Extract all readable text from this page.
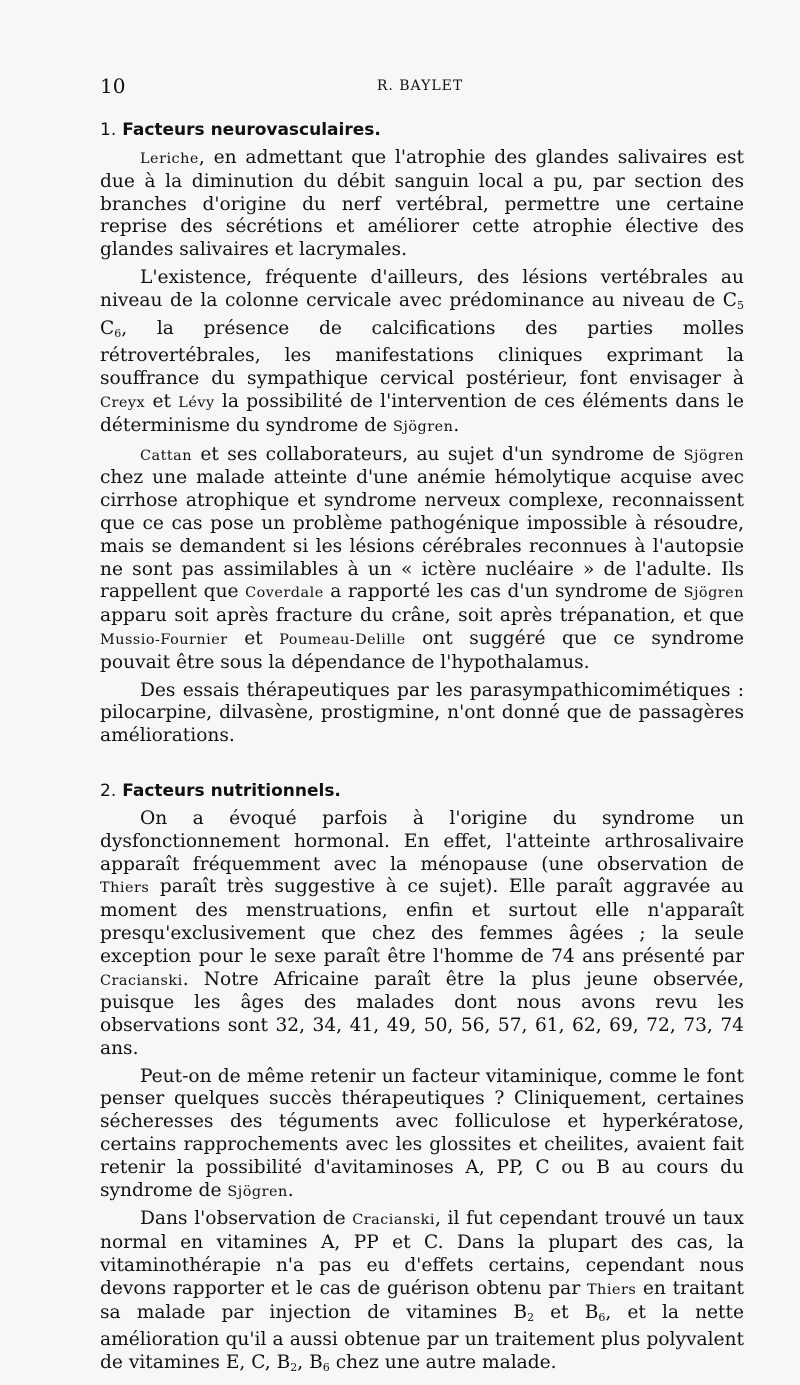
10	R. BAYLET
1. Facteurs neurovasculaires.

Leriche, en admettant que l'atrophie des glandes salivaires est due à la diminution du débit sanguin local a pu, par section des branches d'origine du nerf vertébral, permettre une certaine reprise des sécrétions et améliorer cette atrophie élective des glandes salivaires et lacrymales.

L'existence, fréquente d'ailleurs, des lésions vertébrales au niveau de la colonne cervicale avec prédominance au niveau de $C_5$ $C_6$, la présence de calcifications des parties molles rétrovertébrales, les manifestations cliniques exprimant la souffrance du sympathique cervical postérieur, font envisager à Creyx et Lévy la possibilité de l'intervention de ces éléments dans le déterminisme du syndrome de Sjögren.

Cattan et ses collaborateurs, au sujet d'un syndrome de Sjögren chez une malade atteinte d'une anémie hémolytique acquise avec cirrhose atrophique et syndrome nerveux complexe, reconnaissent que ce cas pose un problème pathogénique impossible à résoudre, mais se demandent si les lésions cérébrales reconnues à l'autopsie ne sont pas assimilables à un « ictère nucléaire » de l'adulte. Ils rappellent que Coverdale a rapporté les cas d'un syndrome de Sjögren apparu soit après fracture du crâne, soit après trépanation, et que Mussio-Fournier et Poumeau-Delille ont suggéré que ce syndrome pouvait être sous la dépendance de l'hypothalamus.

Des essais thérapeutiques par les parasympathicomimétiques : pilocarpine, dilvasène, prostigmine, n'ont donné que de passagères améliorations.

2. Facteurs nutritionnels.

On a évoqué parfois à l'origine du syndrome un dysfonctionnement hormonal. En effet, l'atteinte arthrosalivaire apparaît fréquemment avec la ménopause (une observation de Thiers paraît très suggestive à ce sujet). Elle paraît aggravée au moment des menstruations, enfin et surtout elle n'apparaît presqu'exclusivement que chez des femmes âgées ; la seule exception pour le sexe paraît être l'homme de 74 ans présenté par Cracianski. Notre Africaine paraît être la plus jeune observée, puisque les âges des malades dont nous avons revu les observations sont 32, 34, 41, 49, 50, 56, 57, 61, 62, 69, 72, 73, 74 ans.

Peut-on de même retenir un facteur vitaminique, comme le font penser quelques succès thérapeutiques ? Cliniquement, certaines sécheresses des téguments avec folliculose et hyperkératose, certains rapprochements avec les glossites et cheilites, avaient fait retenir la possibilité d'avitaminoses A, PP, C ou B au cours du syndrome de Sjögren.

Dans l'observation de Cracianski, il fut cependant trouvé un taux normal en vitamines A, PP et C. Dans la plupart des cas, la vitaminothérapie n'a pas eu d'effets certains, cependant nous devons rapporter et le cas de guérison obtenu par Thiers en traitant sa malade par injection de vitamines $B_2$ et $B_6$, et la nette amélioration qu'il a aussi obtenue par un traitement plus polyvalent de vitamines E, C, $B_2$, $B_6$ chez une autre malade.
